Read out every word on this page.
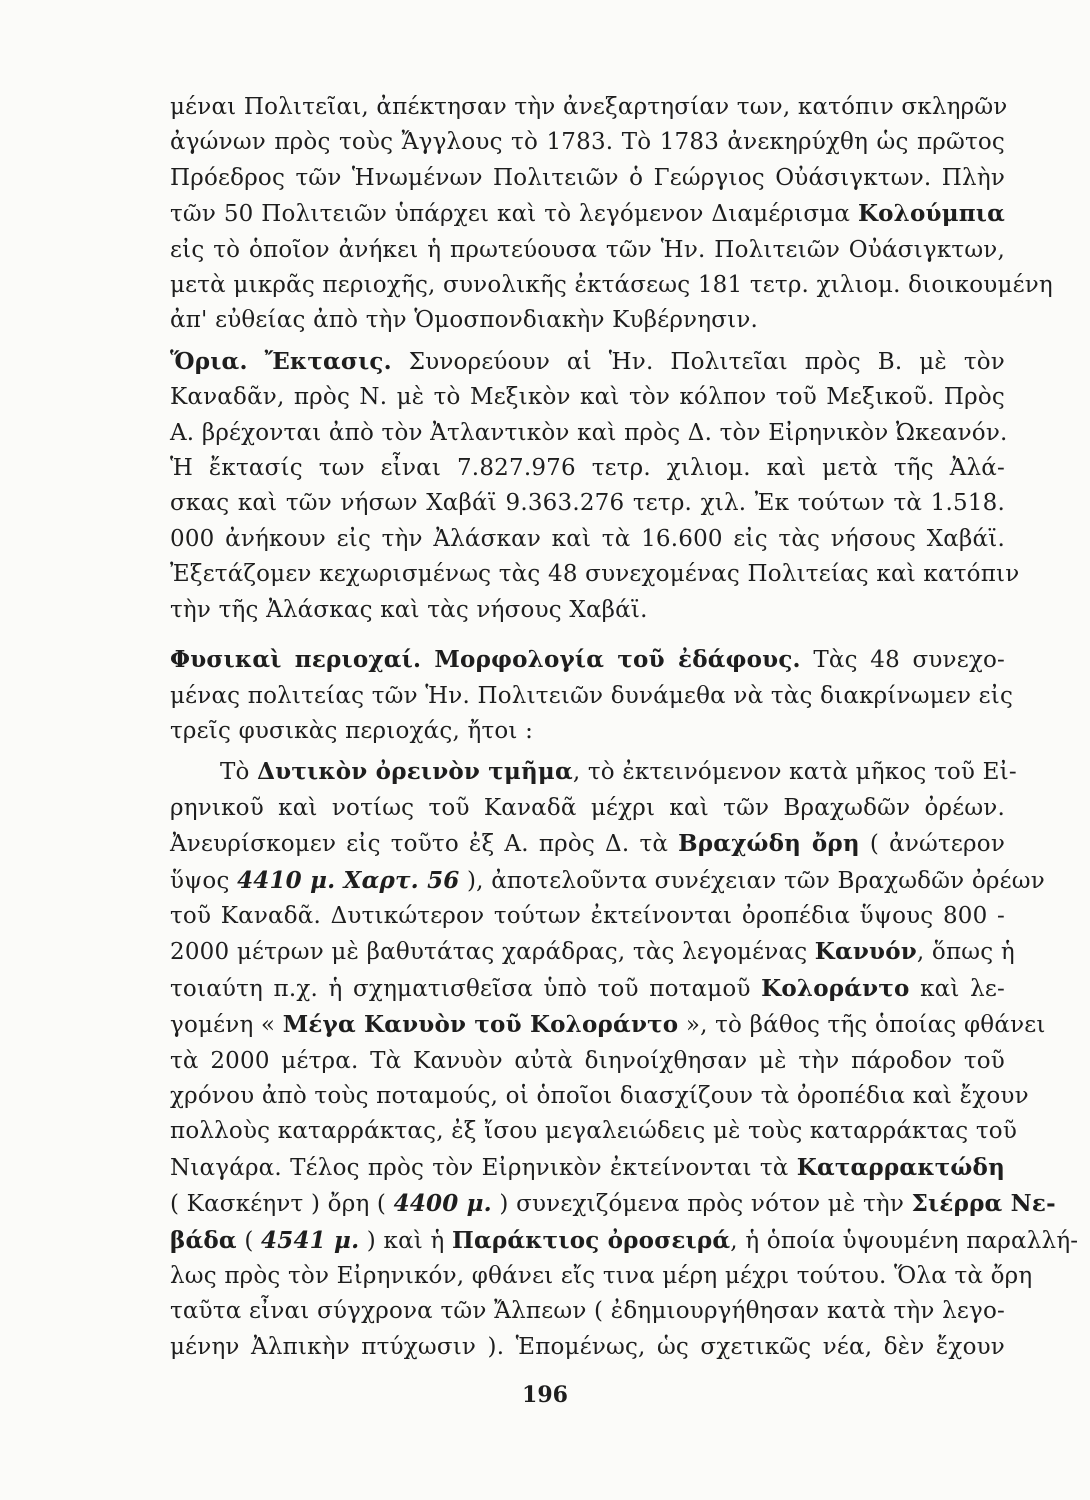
μέναι Πολιτεῖαι, ἀπέκτησαν τὴν ἀνεξαρτησίαν των, κατόπιν σκληρῶν
ἀγώνων πρὸς τοὺς Ἄγγλους τὸ 1783. Τὸ 1783 ἀνεκηρύχθη ὡς πρῶτος
Πρόεδρος τῶν Ἡνωμένων Πολιτειῶν ὁ Γεώργιος Οὐάσιγκτων. Πλὴν
τῶν 50 Πολιτειῶν ὑπάρχει καὶ τὸ λεγόμενον Διαμέρισμα Κολούμπια
εἰς τὸ ὁποῖον ἀνήκει ἡ πρωτεύουσα τῶν Ἡν. Πολιτειῶν Οὐάσιγκτων,
μετὰ μικρᾶς περιοχῆς, συνολικῆς ἐκτάσεως 181 τετρ. χιλιομ. διοικουμένη
ἀπ' εὐθείας ἀπὸ τὴν Ὁμοσπονδιακὴν Κυβέρνησιν.
Ὅρια. Ἔκτασις. Συνορεύουν αἱ Ἡν. Πολιτεῖαι πρὸς Β. μὲ τὸν
Καναδᾶν, πρὸς Ν. μὲ τὸ Μεξικὸν καὶ τὸν κόλπον τοῦ Μεξικοῦ. Πρὸς
Α. βρέχονται ἀπὸ τὸν Ἀτλαντικὸν καὶ πρὸς Δ. τὸν Εἰρηνικὸν Ὠκεανόν.
Ἡ ἔκτασίς των εἶναι 7.827.976 τετρ. χιλιομ. καὶ μετὰ τῆς Ἀλά-
σκας καὶ τῶν νήσων Χαβάϊ 9.363.276 τετρ. χιλ. Ἐκ τούτων τὰ 1.518.
000 ἀνήκουν εἰς τὴν Ἀλάσκαν καὶ τὰ 16.600 εἰς τὰς νήσους Χαβάϊ.
Ἐξετάζομεν κεχωρισμένως τὰς 48 συνεχομένας Πολιτείας καὶ κατόπιν
τὴν τῆς Ἀλάσκας καὶ τὰς νήσους Χαβάϊ.
Φυσικαὶ περιοχαί. Μορφολογία τοῦ ἐδάφους. Τὰς 48 συνεχο-
μένας πολιτείας τῶν Ἡν. Πολιτειῶν δυνάμεθα νὰ τὰς διακρίνωμεν εἰς
τρεῖς φυσικὰς περιοχάς, ἤτοι :
Τὸ Δυτικὸν ὀρεινὸν τμῆμα, τὸ ἐκτεινόμενον κατὰ μῆκος τοῦ Εἰ-
ρηνικοῦ καὶ νοτίως τοῦ Καναδᾶ μέχρι καὶ τῶν Βραχωδῶν ὀρέων.
Ἀνευρίσκομεν εἰς τοῦτο ἐξ Α. πρὸς Δ. τὰ Βραχώδη ὄρη ( ἀνώτερον
ὕψος 4410 μ. Χαρτ. 56 ), ἀποτελοῦντα συνέχειαν τῶν Βραχωδῶν ὀρέων
τοῦ Καναδᾶ. Δυτικώτερον τούτων ἐκτείνονται ὀροπέδια ὕψους 800 -
2000 μέτρων μὲ βαθυτάτας χαράδρας, τὰς λεγομένας Κανυόν, ὅπως ἡ
τοιαύτη π.χ. ἡ σχηματισθεῖσα ὑπὸ τοῦ ποταμοῦ Κολοράντο καὶ λε-
γομένη « Μέγα Κανυὸν τοῦ Κολοράντο », τὸ βάθος τῆς ὁποίας φθάνει
τὰ 2000 μέτρα. Τὰ Κανυὸν αὐτὰ διηνοίχθησαν μὲ τὴν πάροδον τοῦ
χρόνου ἀπὸ τοὺς ποταμούς, οἱ ὁποῖοι διασχίζουν τὰ ὀροπέδια καὶ ἔχουν
πολλοὺς καταρράκτας, ἐξ ἴσου μεγαλειώδεις μὲ τοὺς καταρράκτας τοῦ
Νιαγάρα. Τέλος πρὸς τὸν Εἰρηνικὸν ἐκτείνονται τὰ Καταρρακτώδη
( Κασκέηντ ) ὄρη ( 4400 μ. ) συνεχιζόμενα πρὸς νότον μὲ τὴν Σιέρρα Νε-
βάδα ( 4541 μ. ) καὶ ἡ Παράκτιος ὀροσειρά, ἡ ὁποία ὑψουμένη παραλλή-
λως πρὸς τὸν Εἰρηνικόν, φθάνει εἴς τινα μέρη μέχρι τούτου. Ὅλα τὰ ὄρη
ταῦτα εἶναι σύγχρονα τῶν Ἄλπεων ( ἐδημιουργήθησαν κατὰ τὴν λεγο-
μένην Ἀλπικὴν πτύχωσιν ). Ἑπομένως, ὡς σχετικῶς νέα, δὲν ἔχουν
196
